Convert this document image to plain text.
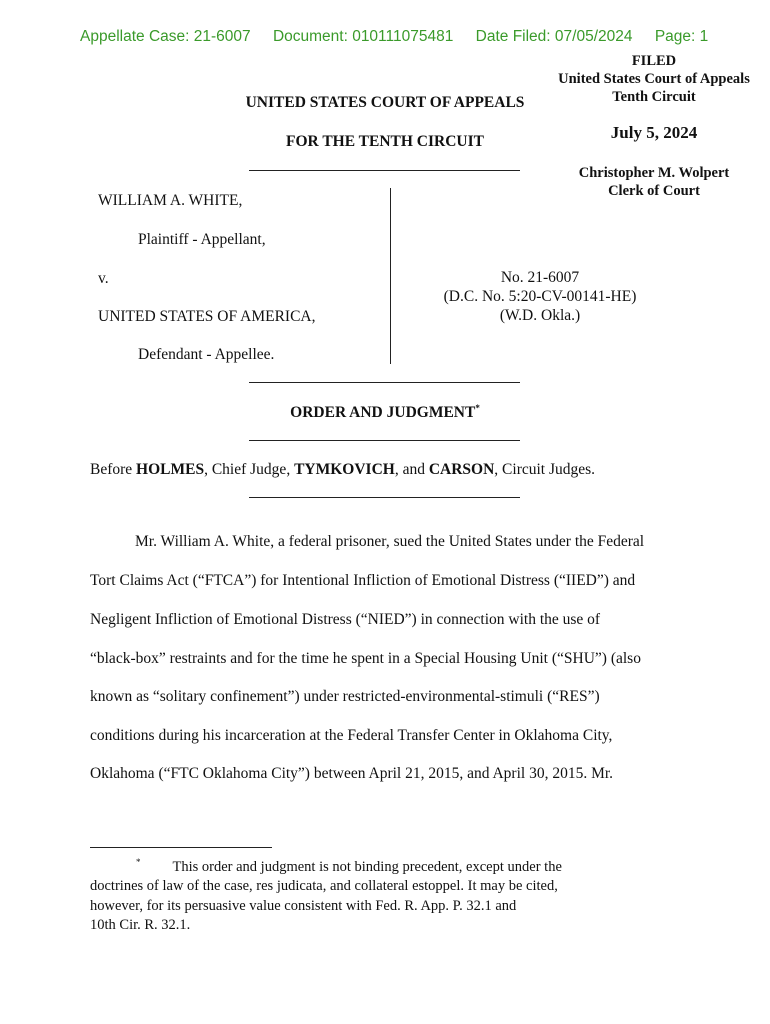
Appellate Case: 21-6007 Document: 010111075481 Date Filed: 07/05/2024 Page: 1
FILED
United States Court of Appeals
Tenth Circuit
July 5, 2024
Christopher M. Wolpert
Clerk of Court
UNITED STATES COURT OF APPEALS
FOR THE TENTH CIRCUIT
WILLIAM A. WHITE,
Plaintiff - Appellant,
v.
UNITED STATES OF AMERICA,
Defendant - Appellee.
No. 21-6007
(D.C. No. 5:20-CV-00141-HE)
(W.D. Okla.)
ORDER AND JUDGMENT*
Before HOLMES, Chief Judge, TYMKOVICH, and CARSON, Circuit Judges.
Mr. William A. White, a federal prisoner, sued the United States under the Federal
Tort Claims Act (“FTCA”) for Intentional Infliction of Emotional Distress (“IIED”) and
Negligent Infliction of Emotional Distress (“NIED”) in connection with the use of
“black-box” restraints and for the time he spent in a Special Housing Unit (“SHU”) (also
known as “solitary confinement”) under restricted-environmental-stimuli (“RES”)
conditions during his incarceration at the Federal Transfer Center in Oklahoma City,
Oklahoma (“FTC Oklahoma City”) between April 21, 2015, and April 30, 2015. Mr.
* This order and judgment is not binding precedent, except under the
doctrines of law of the case, res judicata, and collateral estoppel. It may be cited,
however, for its persuasive value consistent with Fed. R. App. P. 32.1 and
10th Cir. R. 32.1.
